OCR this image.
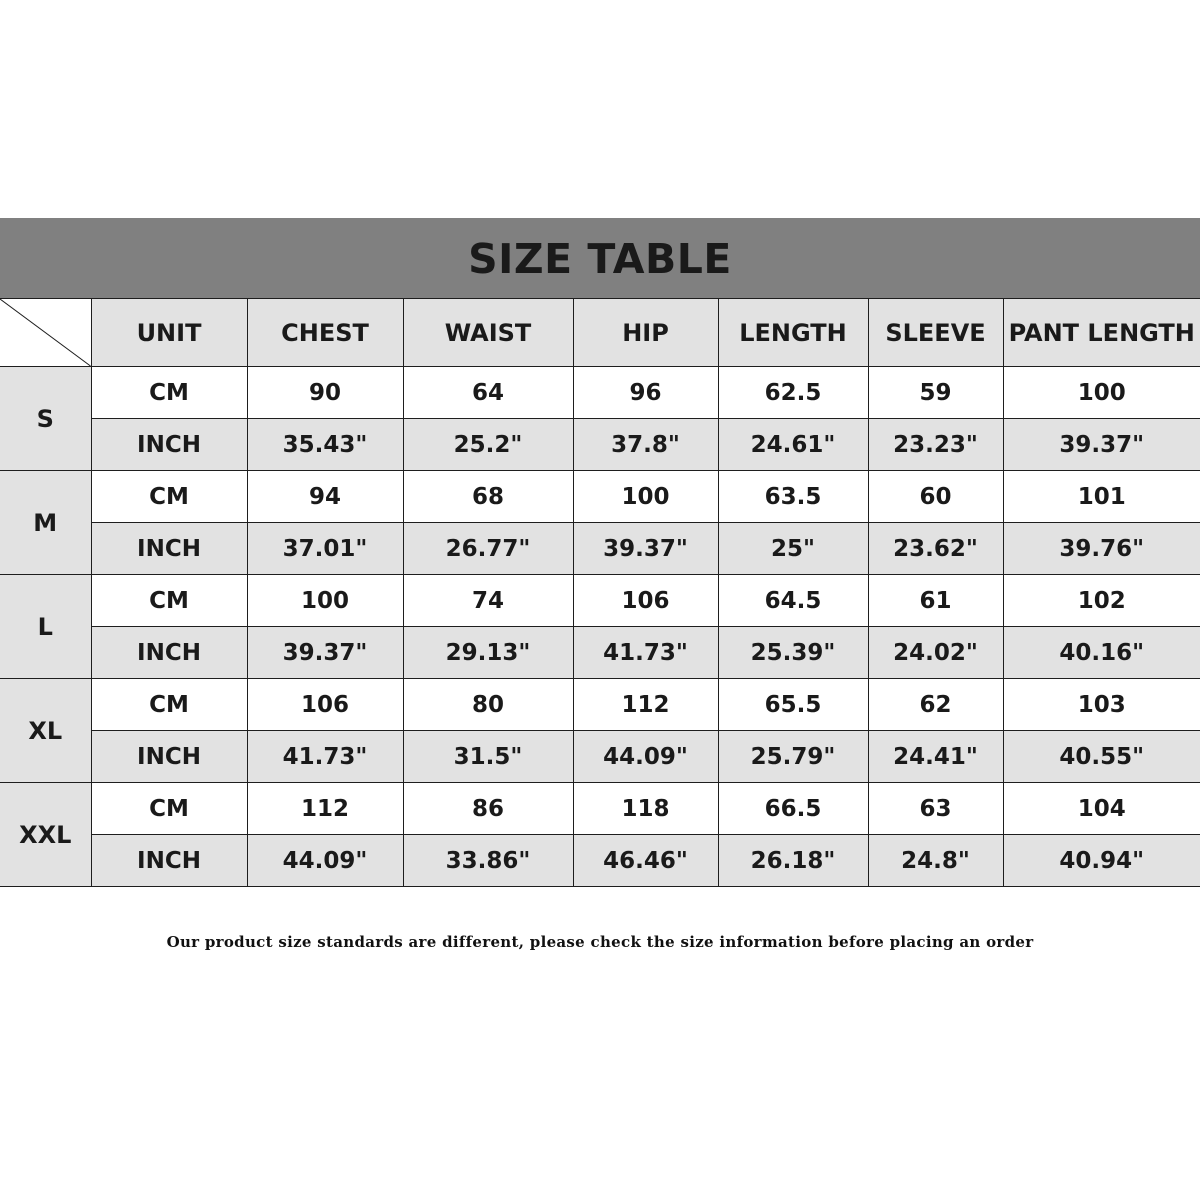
SIZE TABLE
	UNIT	CHEST	WAIST	HIP	LENGTH	SLEEVE	PANT LENGTH
S	CM	90	64	96	62.5	59	100
	INCH	35.43"	25.2"	37.8"	24.61"	23.23"	39.37"
M	CM	94	68	100	63.5	60	101
	INCH	37.01"	26.77"	39.37"	25"	23.62"	39.76"
L	CM	100	74	106	64.5	61	102
	INCH	39.37"	29.13"	41.73"	25.39"	24.02"	40.16"
XL	CM	106	80	112	65.5	62	103
	INCH	41.73"	31.5"	44.09"	25.79"	24.41"	40.55"
XXL	CM	112	86	118	66.5	63	104
	INCH	44.09"	33.86"	46.46"	26.18"	24.8"	40.94"
Our product size standards are different, please check the size information before placing an order
